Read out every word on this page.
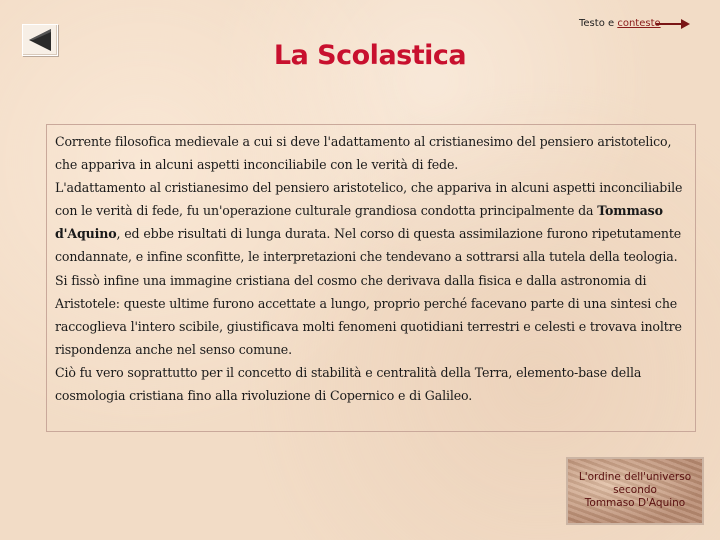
Testo e contesto
La Scolastica

Corrente filosofica medievale a cui si deve l'adattamento al cristianesimo del pensiero aristotelico, che appariva in alcuni aspetti inconciliabile con le verità di fede.

L'adattamento al cristianesimo del pensiero aristotelico, che appariva in alcuni aspetti inconciliabile con le verità di fede, fu un'operazione culturale grandiosa condotta principalmente da Tommaso d'Aquino, ed ebbe risultati di lunga durata. Nel corso di questa assimilazione furono ripetutamente condannate, e infine sconfitte, le interpretazioni che tendevano a sottrarsi alla tutela della teologia.

Si fissò infine una immagine cristiana del cosmo che derivava dalla fisica e dalla astronomia di Aristotele: queste ultime furono accettate a lungo, proprio perché facevano parte di una sintesi che raccoglieva l'intero scibile, giustificava molti fenomeni quotidiani terrestri e celesti e trovava inoltre rispondenza anche nel senso comune.

Ciò fu vero soprattutto per il concetto di stabilità e centralità della Terra, elemento-base della cosmologia cristiana fino alla rivoluzione di Copernico e di Galileo.

L'ordine dell'universo
secondo
Tommaso D'Aquino
